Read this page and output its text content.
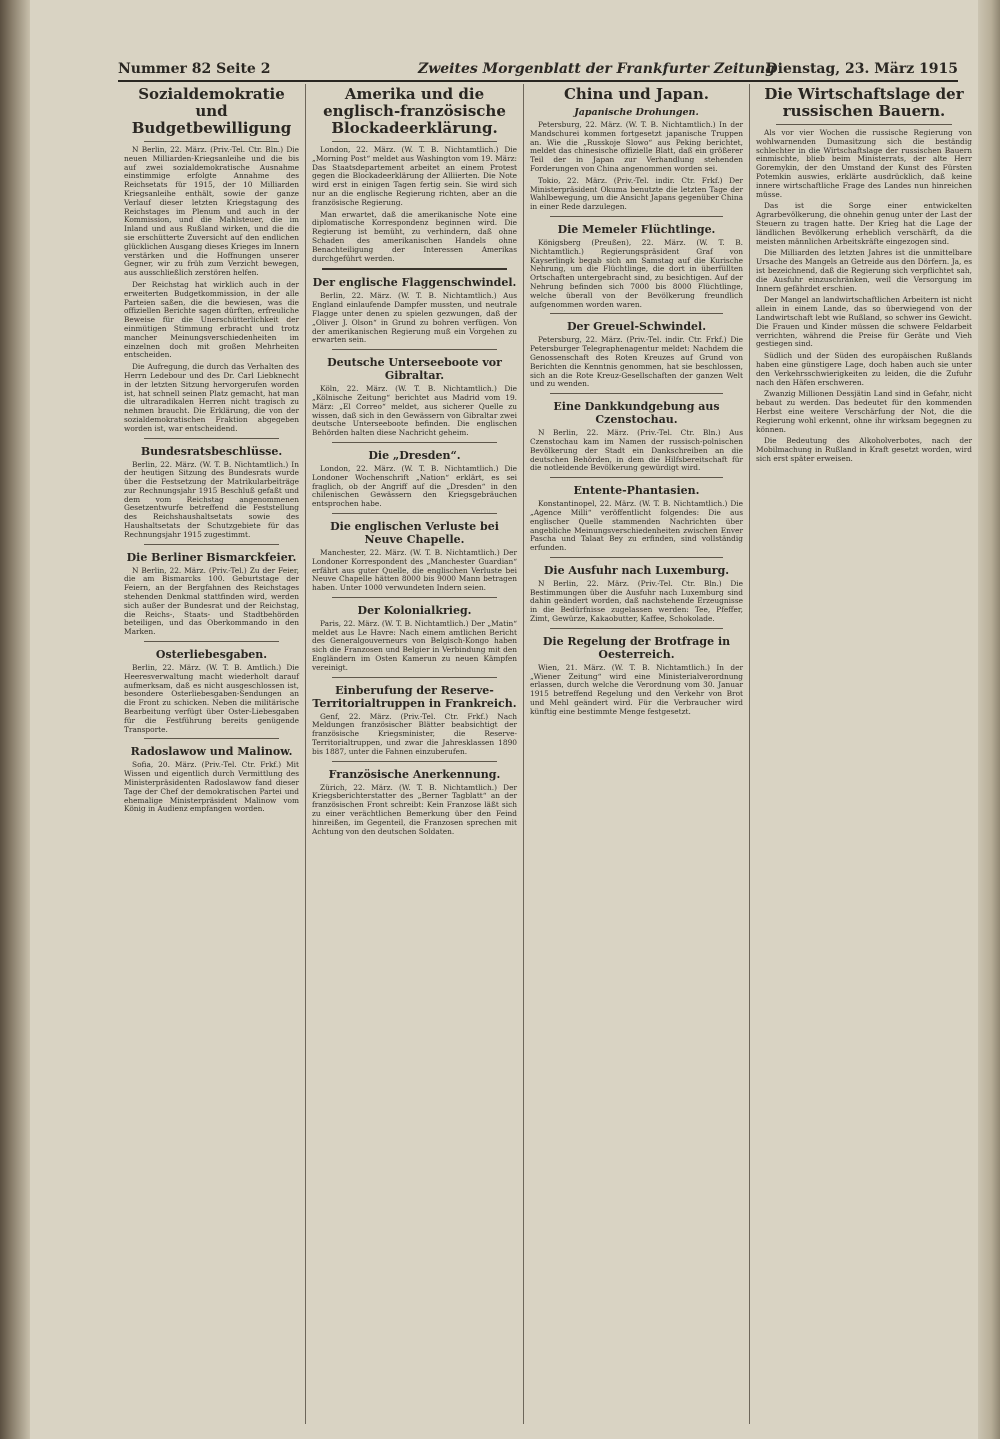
Nummer 82 Seite 2	Zweites Morgenblatt der Frankfurter Zeitung
Dienstag, 23. März 1915
Sozialdemokratie und Budgetbewilligung

N Berlin, 22. März. (Priv.-Tel. Ctr. Bln.) Die neuen Milliarden-Kriegsanleihe und die bis auf zwei sozialdemokratische Ausnahme einstimmige erfolgte Annahme des Reichsetats für 1915, der 10 Milliarden Kriegsanleihe enthält, sowie der ganze Verlauf dieser letzten Kriegstagung des Reichstages im Plenum und auch in der Kommission, und die Mahlsteuer, die im Inland und aus Rußland wirken, und die die sie erschütterte Zuversicht auf den endlichen glücklichen Ausgang dieses Krieges im Innern verstärken und die Hoffnungen unserer Gegner, wir zu früh zum Verzicht bewegen, aus ausschließlich zerstören helfen.

Der Reichstag hat wirklich auch in der erweiterten Budgetkommission, in der alle Parteien saßen, die die bewiesen, was die offiziellen Berichte sagen dürften, erfreuliche Beweise für die Unerschütterlichkeit der einmütigen Stimmung erbracht und trotz mancher Meinungsverschiedenheiten im einzelnen doch mit großen Mehrheiten entscheiden.

Die Aufregung, die durch das Verhalten des Herrn Ledebour und des Dr. Carl Liebknecht in der letzten Sitzung hervorgerufen worden ist, hat schnell seinen Platz gemacht, hat man die ultraradikalen Herren nicht tragisch zu nehmen braucht. Die Erklärung, die von der sozialdemokratischen Fraktion abgegeben worden ist, war entscheidend.

Bundesratsbeschlüsse.

Berlin, 22. März. (W. T. B. Nichtamtlich.) In der heutigen Sitzung des Bundesrats wurde über die Festsetzung der Matrikularbeiträge zur Rechnungsjahr 1915 Beschluß gefaßt und dem vom Reichstag angenommenen Gesetzentwurfe betreffend die Feststellung des Reichshaushaltsetats sowie des Haushaltsetats der Schutzgebiete für das Rechnungsjahr 1915 zugestimmt.

Die Berliner Bismarckfeier.

N Berlin, 22. März. (Priv.-Tel.) Zu der Feier, die am Bismarcks 100. Geburtstage der Feiern, an der Bergfahnen des Reichstages stehenden Denkmal stattfinden wird, werden sich außer der Bundesrat und der Reichstag, die Reichs-, Staats- und Stadtbehörden beteiligen, und das Oberkommando in den Marken.

Osterliebesgaben.

Berlin, 22. März. (W. T. B. Amtlich.) Die Heeresverwaltung macht wiederholt darauf aufmerksam, daß es nicht ausgeschlossen ist, besondere Osterliebesgaben-Sendungen an die Front zu schicken. Neben die militärische Bearbeitung verfügt über Oster-Liebesgaben für die Festführung bereits genügende Transporte.

Radoslawow und Malinow.

Sofia, 20. März. (Priv.-Tel. Ctr. Frkf.) Mit Wissen und eigentlich durch Vermittlung des Ministerpräsidenten Radoslawow fand dieser Tage der Chef der demokratischen Partei und ehemalige Ministerpräsident Malinow vom König in Audienz empfangen worden.

Amerika und die englisch-französische Blockadeerklärung.

London, 22. März. (W. T. B. Nichtamtlich.) Die „Morning Post“ meldet aus Washington vom 19. März: Das Staatsdepartement arbeitet an einem Protest gegen die Blockadeerklärung der Alliierten. Die Note wird erst in einigen Tagen fertig sein. Sie wird sich nur an die englische Regierung richten, aber an die französische Regierung.

Man erwartet, daß die amerikanische Note eine diplomatische Korrespondenz beginnen wird. Die Regierung ist bemüht, zu verhindern, daß ohne Schaden des amerikanischen Handels ohne Benachteiligung der Interessen Amerikas durchgeführt werden.

Der englische Flaggenschwindel.

Berlin, 22. März. (W. T. B. Nichtamtlich.) Aus England einlaufende Dampfer mussten, und neutrale Flagge unter denen zu spielen gezwungen, daß der „Oliver J. Olson“ in Grund zu bohren verfügen. Von der amerikanischen Regierung muß ein Vorgehen zu erwarten sein.

Deutsche Unterseeboote vor Gibraltar.

Köln, 22. März. (W. T. B. Nichtamtlich.) Die „Kölnische Zeitung“ berichtet aus Madrid vom 19. März: „El Correo“ meldet, aus sicherer Quelle zu wissen, daß sich in den Gewässern von Gibraltar zwei deutsche Unterseeboote befinden. Die englischen Behörden halten diese Nachricht geheim.

Die „Dresden“.

London, 22. März. (W. T. B. Nichtamtlich.) Die Londoner Wochenschrift „Nation“ erklärt, es sei fraglich, ob der Angriff auf die „Dresden“ in den chilenischen Gewässern den Kriegsgebräuchen entsprochen habe.

Die englischen Verluste bei Neuve Chapelle.

Manchester, 22. März. (W. T. B. Nichtamtlich.) Der Londoner Korrespondent des „Manchester Guardian“ erfährt aus guter Quelle, die englischen Verluste bei Neuve Chapelle hätten 8000 bis 9000 Mann betragen haben. Unter 1000 verwundeten Indern seien.

Der Kolonialkrieg.

Paris, 22. März. (W. T. B. Nichtamtlich.) Der „Matin“ meldet aus Le Havre: Nach einem amtlichen Bericht des Generalgouverneurs von Belgisch-Kongo haben sich die Franzosen und Belgier in Verbindung mit den Engländern im Osten Kamerun zu neuen Kämpfen vereinigt.

Einberufung der Reserve-Territorialtruppen in Frankreich.

Genf, 22. März. (Priv.-Tel. Ctr. Frkf.) Nach Meldungen französischer Blätter beabsichtigt der französische Kriegsminister, die Reserve-Territorialtruppen, und zwar die Jahresklassen 1890 bis 1887, unter die Fahnen einzuberufen.

Französische Anerkennung.

Zürich, 22. März. (W. T. B. Nichtamtlich.) Der Kriegsberichterstatter des „Berner Tagblatt“ an der französischen Front schreibt: Kein Franzose läßt sich zu einer verächtlichen Bemerkung über den Feind hinreißen, im Gegenteil, die Franzosen sprechen mit Achtung von den deutschen Soldaten.

China und Japan.
Japanische Drohungen.

Petersburg, 22. März. (W. T. B. Nichtamtlich.) In der Mandschurei kommen fortgesetzt japanische Truppen an. Wie die „Russkoje Slowo“ aus Peking berichtet, meldet das chinesische offizielle Blatt, daß ein größerer Teil der in Japan zur Verhandlung stehenden Forderungen von China angenommen worden sei.

Tokio, 22. März. (Priv.-Tel. indir. Ctr. Frkf.) Der Ministerpräsident Okuma benutzte die letzten Tage der Wahlbewegung, um die Ansicht Japans gegenüber China in einer Rede darzulegen.

Die Memeler Flüchtlinge.

Königsberg (Preußen), 22. März. (W. T. B. Nichtamtlich.) Regierungspräsident Graf von Kayserlingk begab sich am Samstag auf die Kurische Nehrung, um die Flüchtlinge, die dort in überfüllten Ortschaften untergebracht sind, zu besichtigen. Auf der Nehrung befinden sich 7000 bis 8000 Flüchtlinge, welche überall von der Bevölkerung freundlich aufgenommen worden waren.

Der Greuel-Schwindel.

Petersburg, 22. März. (Priv.-Tel. indir. Ctr. Frkf.) Die Petersburger Telegraphenagentur meldet: Nachdem die Genossenschaft des Roten Kreuzes auf Grund von Berichten die Kenntnis genommen, hat sie beschlossen, sich an die Rote Kreuz-Gesellschaften der ganzen Welt und zu wenden.

Eine Dankkundgebung aus Czenstochau.

N Berlin, 22. März. (Priv.-Tel. Ctr. Bln.) Aus Czenstochau kam im Namen der russisch-polnischen Bevölkerung der Stadt ein Dankschreiben an die deutschen Behörden, in dem die Hilfsbereitschaft für die notleidende Bevölkerung gewürdigt wird.

Entente-Phantasien.

Konstantinopel, 22. März. (W. T. B. Nichtamtlich.) Die „Agence Milli“ veröffentlicht folgendes: Die aus englischer Quelle stammenden Nachrichten über angebliche Meinungsverschiedenheiten zwischen Enver Pascha und Talaat Bey zu erfinden, sind vollständig erfunden.

Die Ausfuhr nach Luxemburg.

N Berlin, 22. März. (Priv.-Tel. Ctr. Bln.) Die Bestimmungen über die Ausfuhr nach Luxemburg sind dahin geändert worden, daß nachstehende Erzeugnisse in die Bedürfnisse zugelassen werden: Tee, Pfeffer, Zimt, Gewürze, Kakaobutter, Kaffee, Schokolade.

Die Regelung der Brotfrage in Oesterreich.

Wien, 21. März. (W. T. B. Nichtamtlich.) In der „Wiener Zeitung“ wird eine Ministerialverordnung erlassen, durch welche die Verordnung vom 30. Januar 1915 betreffend Regelung und den Verkehr von Brot und Mehl geändert wird. Für die Verbraucher wird künftig eine bestimmte Menge festgesetzt.

Die Wirtschaftslage der russischen Bauern.

Als vor vier Wochen die russische Regierung von wohlwarnenden Dumasitzung sich die beständig schlechter in die Wirtschaftslage der russischen Bauern einmischte, blieb beim Ministerrats, der alte Herr Goremykin, der den Umstand der Kunst des Fürsten Potemkin auswies, erklärte ausdrücklich, daß keine innere wirtschaftliche Frage des Landes nun hinreichen müsse.

Das ist die Sorge einer entwickelten Agrarbevölkerung, die ohnehin genug unter der Last der Steuern zu tragen hatte. Der Krieg hat die Lage der ländlichen Bevölkerung erheblich verschärft, da die meisten männlichen Arbeitskräfte eingezogen sind.

Die Milliarden des letzten Jahres ist die unmittelbare Ursache des Mangels an Getreide aus den Dörfern. Ja, es ist bezeichnend, daß die Regierung sich verpflichtet sah, die Ausfuhr einzuschränken, weil die Versorgung im Innern gefährdet erschien.

Der Mangel an landwirtschaftlichen Arbeitern ist nicht allein in einem Lande, das so überwiegend von der Landwirtschaft lebt wie Rußland, so schwer ins Gewicht. Die Frauen und Kinder müssen die schwere Feldarbeit verrichten, während die Preise für Geräte und Vieh gestiegen sind.

Südlich und der Süden des europäischen Rußlands haben eine günstigere Lage, doch haben auch sie unter den Verkehrsschwierigkeiten zu leiden, die die Zufuhr nach den Häfen erschweren.

Zwanzig Millionen Dessjätin Land sind in Gefahr, nicht bebaut zu werden. Das bedeutet für den kommenden Herbst eine weitere Verschärfung der Not, die die Regierung wohl erkennt, ohne ihr wirksam begegnen zu können.

Die Bedeutung des Alkoholverbotes, nach der Mobilmachung in Rußland in Kraft gesetzt worden, wird sich erst später erweisen.
